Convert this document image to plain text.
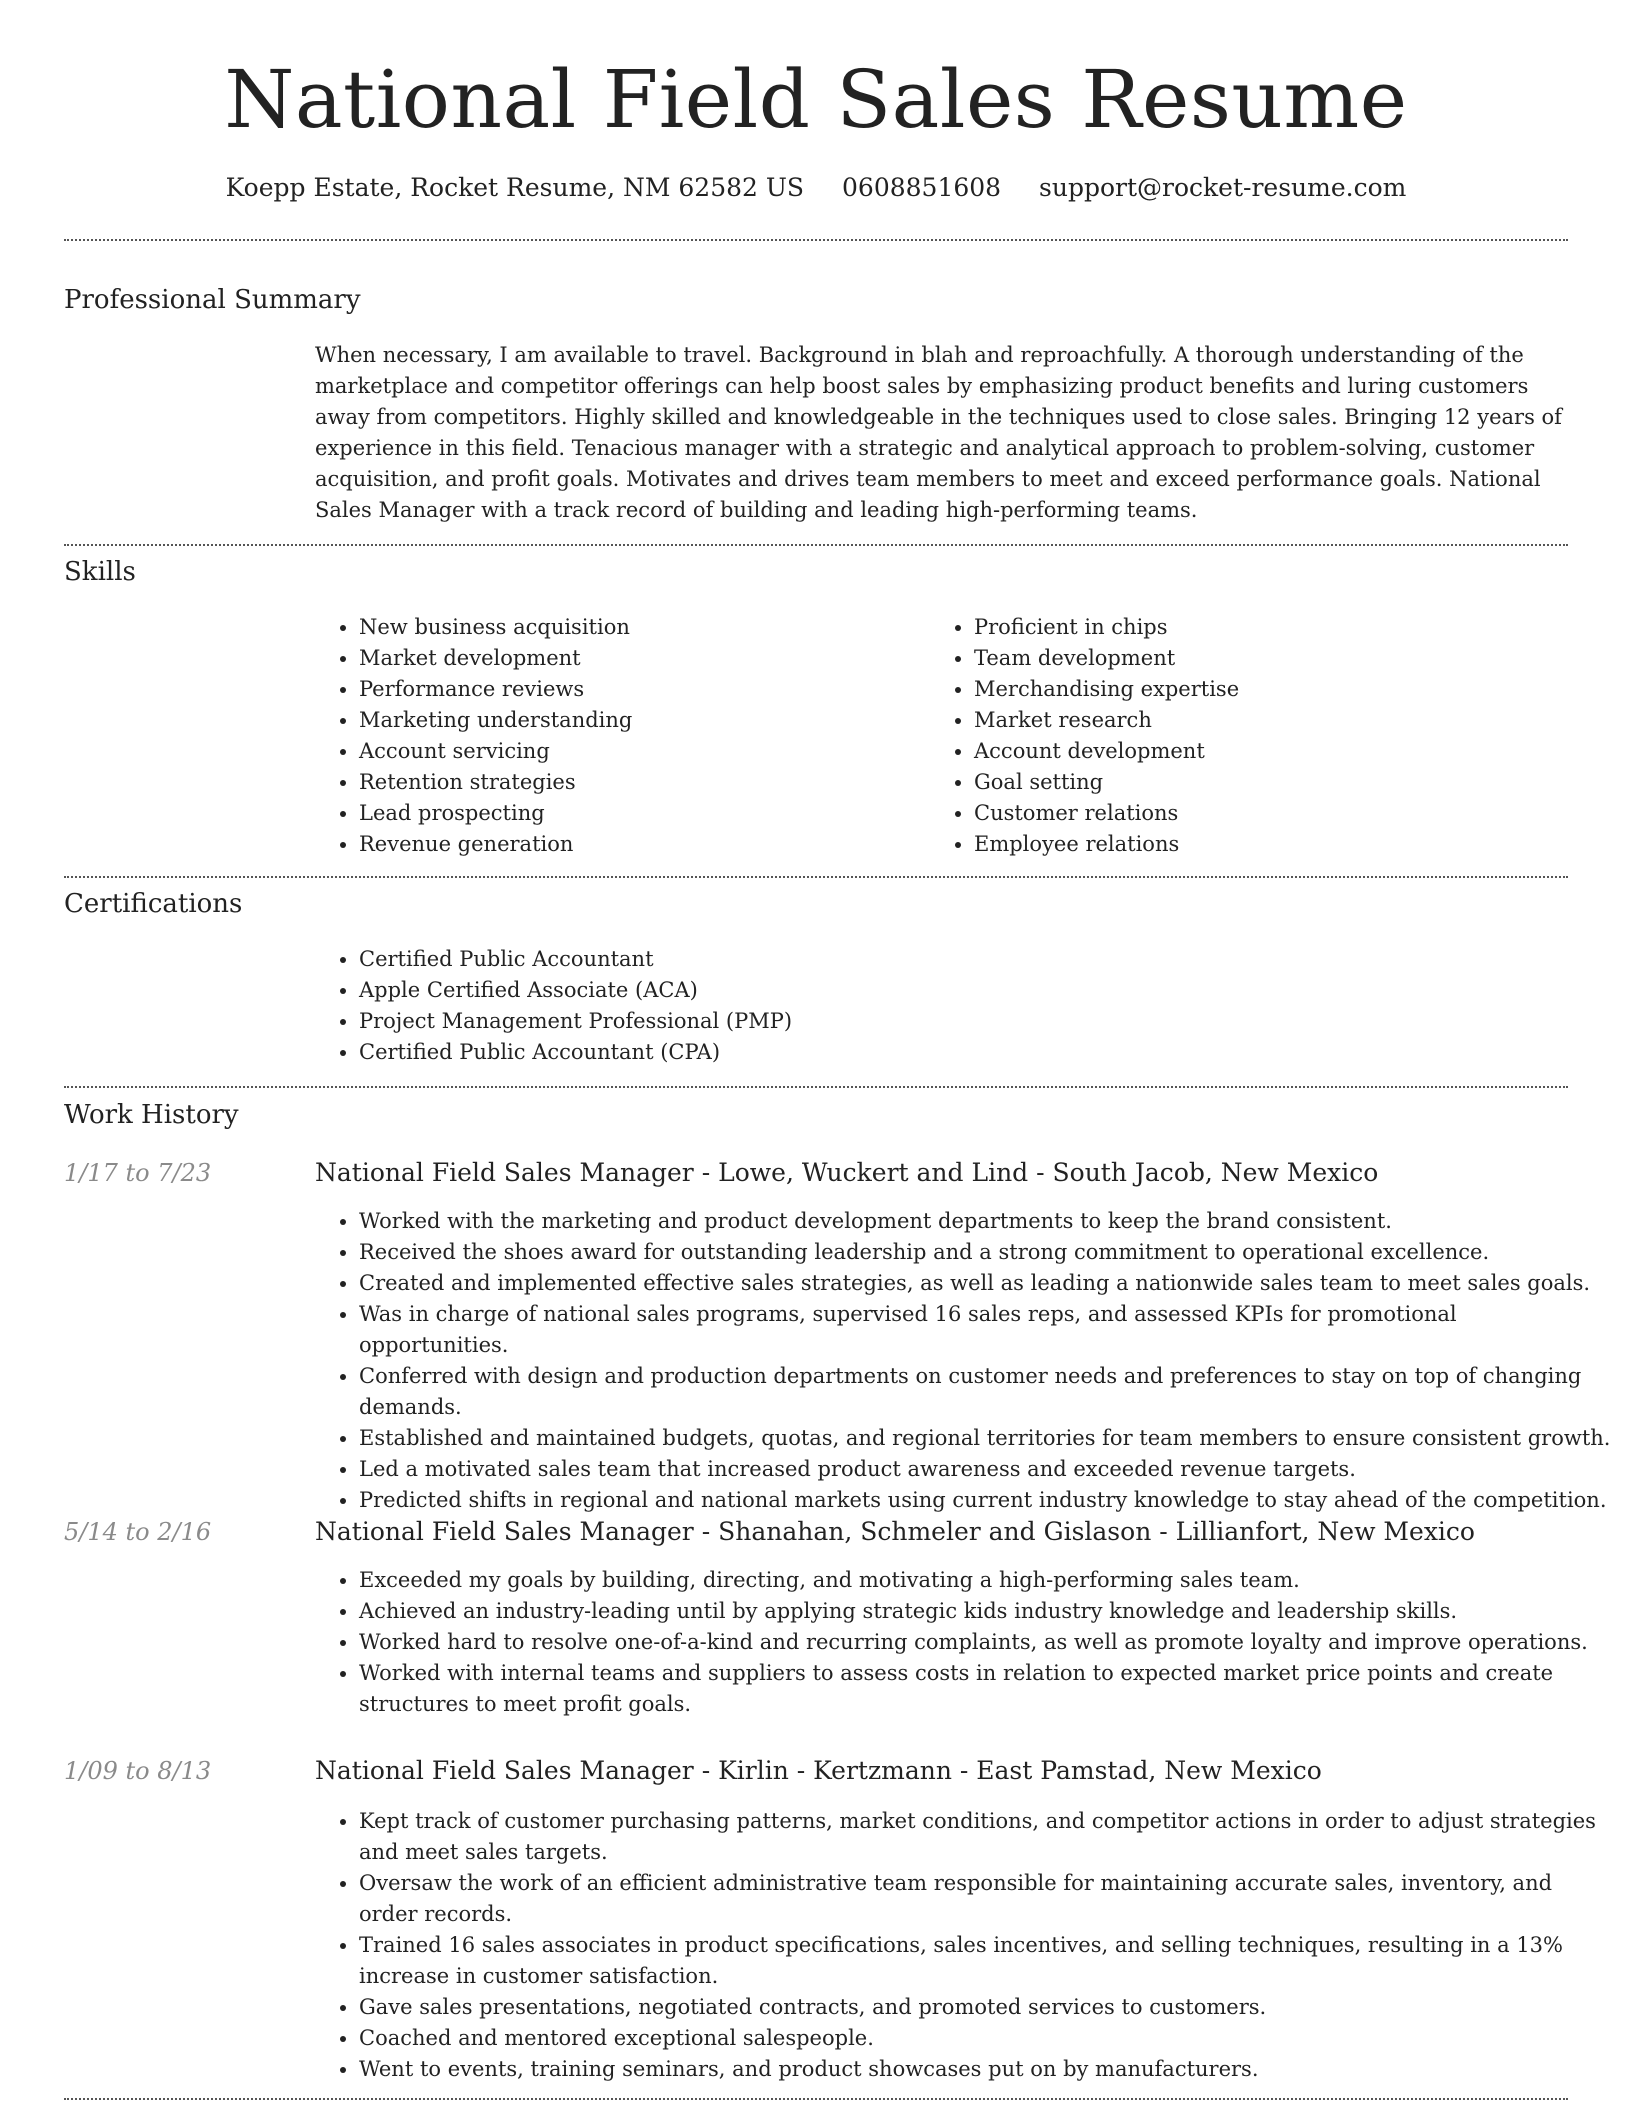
National Field Sales Resume
Koepp Estate, Rocket Resume, NM 62582 US 0608851608 support@rocket-resume.com
Professional Summary
When necessary, I am available to travel. Background in blah and reproachfully. A thorough understanding of the marketplace and competitor offerings can help boost sales by emphasizing product benefits and luring customers away from competitors. Highly skilled and knowledgeable in the techniques used to close sales. Bringing 12 years of experience in this field. Tenacious manager with a strategic and analytical approach to problem-solving, customer acquisition, and profit goals. Motivates and drives team members to meet and exceed performance goals. National Sales Manager with a track record of building and leading high-performing teams.
Skills
• New business acquisition
• Market development
• Performance reviews
• Marketing understanding
• Account servicing
• Retention strategies
• Lead prospecting
• Revenue generation
• Proficient in chips
• Team development
• Merchandising expertise
• Market research
• Account development
• Goal setting
• Customer relations
• Employee relations
Certifications
• Certified Public Accountant
• Apple Certified Associate (ACA)
• Project Management Professional (PMP)
• Certified Public Accountant (CPA)
Work History
1/17 to 7/23	National Field Sales Manager - Lowe, Wuckert and Lind - South Jacob, New Mexico
• Worked with the marketing and product development departments to keep the brand consistent.
• Received the shoes award for outstanding leadership and a strong commitment to operational excellence.
• Created and implemented effective sales strategies, as well as leading a nationwide sales team to meet sales goals.
• Was in charge of national sales programs, supervised 16 sales reps, and assessed KPIs for promotional opportunities.
• Conferred with design and production departments on customer needs and preferences to stay on top of changing demands.
• Established and maintained budgets, quotas, and regional territories for team members to ensure consistent growth.
• Led a motivated sales team that increased product awareness and exceeded revenue targets.
• Predicted shifts in regional and national markets using current industry knowledge to stay ahead of the competition.
5/14 to 2/16	National Field Sales Manager - Shanahan, Schmeler and Gislason - Lillianfort, New Mexico
• Exceeded my goals by building, directing, and motivating a high-performing sales team.
• Achieved an industry-leading until by applying strategic kids industry knowledge and leadership skills.
• Worked hard to resolve one-of-a-kind and recurring complaints, as well as promote loyalty and improve operations.
• Worked with internal teams and suppliers to assess costs in relation to expected market price points and create structures to meet profit goals.
1/09 to 8/13	National Field Sales Manager - Kirlin - Kertzmann - East Pamstad, New Mexico
• Kept track of customer purchasing patterns, market conditions, and competitor actions in order to adjust strategies and meet sales targets.
• Oversaw the work of an efficient administrative team responsible for maintaining accurate sales, inventory, and order records.
• Trained 16 sales associates in product specifications, sales incentives, and selling techniques, resulting in a 13% increase in customer satisfaction.
• Gave sales presentations, negotiated contracts, and promoted services to customers.
• Coached and mentored exceptional salespeople.
• Went to events, training seminars, and product showcases put on by manufacturers.
